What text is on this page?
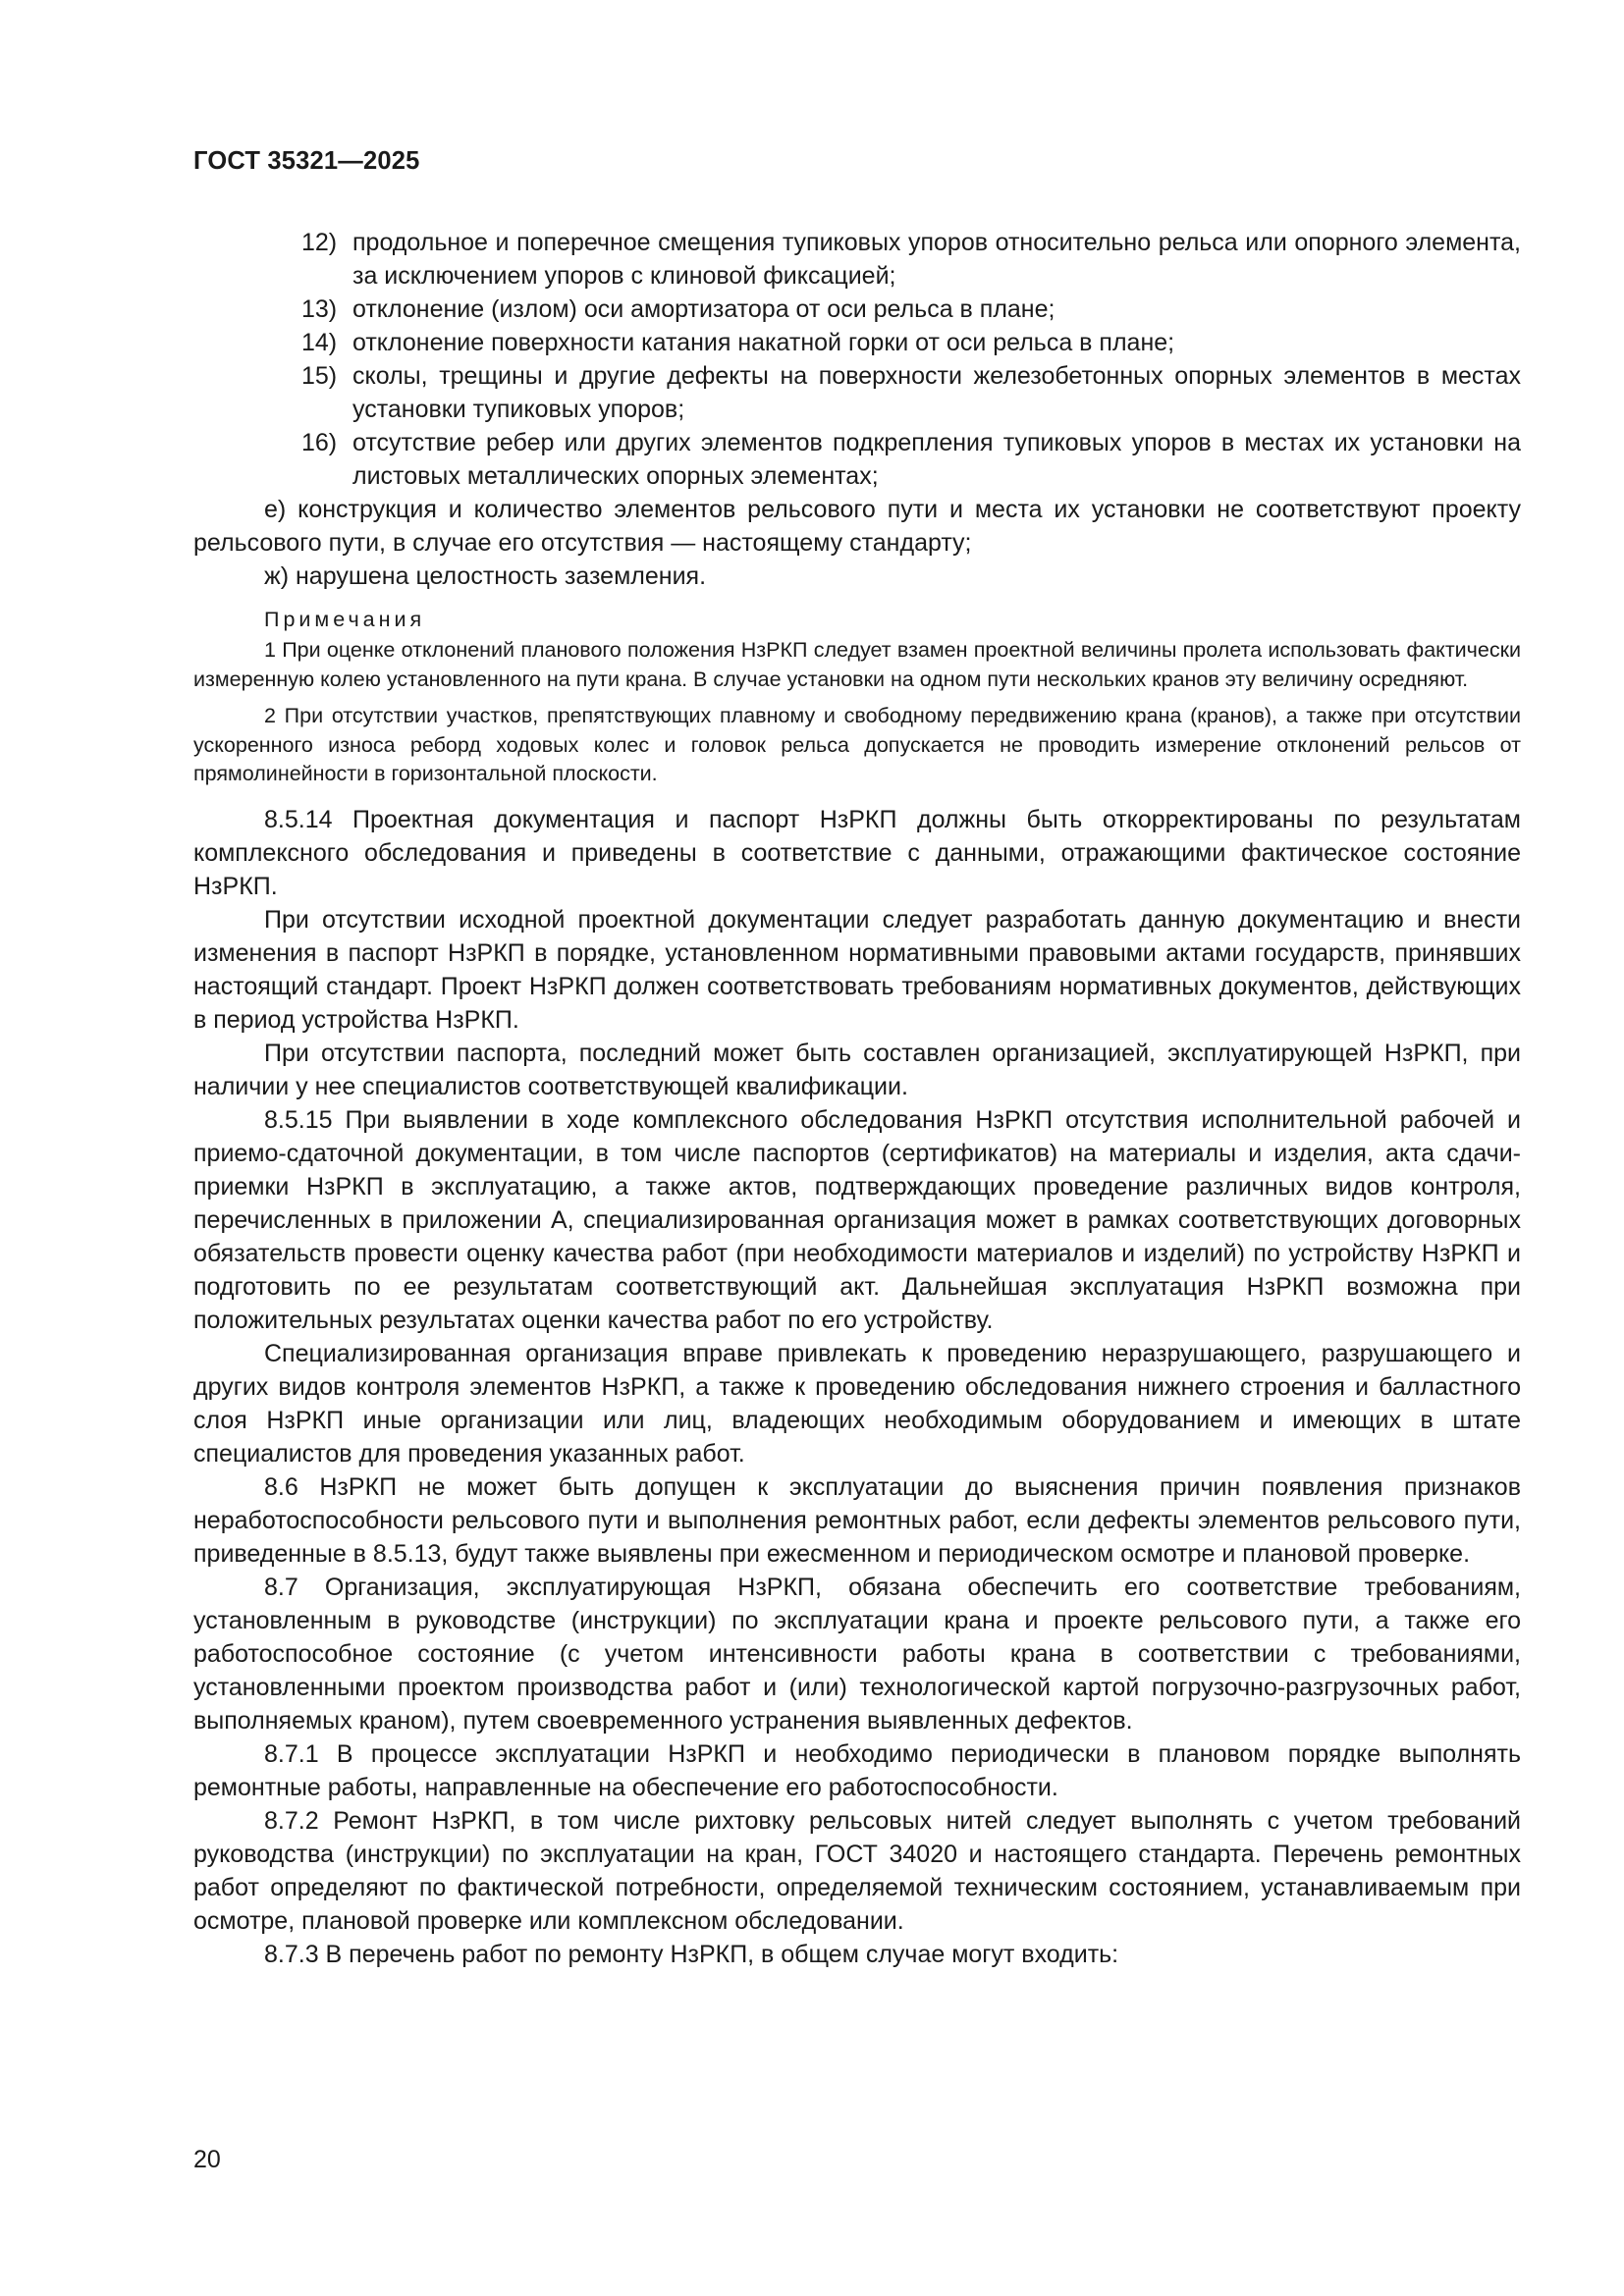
ГОСТ 35321—2025
12) продольное и поперечное смещения тупиковых упоров относительно рельса или опорного элемента, за исключением упоров с клиновой фиксацией;
13) отклонение (излом) оси амортизатора от оси рельса в плане;
14) отклонение поверхности катания накатной горки от оси рельса в плане;
15) сколы, трещины и другие дефекты на поверхности железобетонных опорных элементов в местах установки тупиковых упоров;
16) отсутствие ребер или других элементов подкрепления тупиковых упоров в местах их установки на листовых металлических опорных элементах;

е) конструкция и количество элементов рельсового пути и места их установки не соответствуют проекту рельсового пути, в случае его отсутствия — настоящему стандарту;

ж) нарушена целостность заземления.

Примечания

1 При оценке отклонений планового положения НзРКП следует взамен проектной величины пролета использовать фактически измеренную колею установленного на пути крана. В случае установки на одном пути нескольких кранов эту величину осредняют.

2 При отсутствии участков, препятствующих плавному и свободному передвижению крана (кранов), а также при отсутствии ускоренного износа реборд ходовых колес и головок рельса допускается не проводить измерение отклонений рельсов от прямолинейности в горизонтальной плоскости.

8.5.14 Проектная документация и паспорт НзРКП должны быть откорректированы по результатам комплексного обследования и приведены в соответствие с данными, отражающими фактическое состояние НзРКП.

При отсутствии исходной проектной документации следует разработать данную документацию и внести изменения в паспорт НзРКП в порядке, установленном нормативными правовыми актами государств, принявших настоящий стандарт. Проект НзРКП должен соответствовать требованиям нормативных документов, действующих в период устройства НзРКП.

При отсутствии паспорта, последний может быть составлен организацией, эксплуатирующей НзРКП, при наличии у нее специалистов соответствующей квалификации.

8.5.15 При выявлении в ходе комплексного обследования НзРКП отсутствия исполнительной рабочей и приемо-сдаточной документации, в том числе паспортов (сертификатов) на материалы и изделия, акта сдачи-приемки НзРКП в эксплуатацию, а также актов, подтверждающих проведение различных видов контроля, перечисленных в приложении А, специализированная организация может в рамках соответствующих договорных обязательств провести оценку качества работ (при необходимости материалов и изделий) по устройству НзРКП и подготовить по ее результатам соответствующий акт. Дальнейшая эксплуатация НзРКП возможна при положительных результатах оценки качества работ по его устройству.

Специализированная организация вправе привлекать к проведению неразрушающего, разрушающего и других видов контроля элементов НзРКП, а также к проведению обследования нижнего строения и балластного слоя НзРКП иные организации или лиц, владеющих необходимым оборудованием и имеющих в штате специалистов для проведения указанных работ.

8.6 НзРКП не может быть допущен к эксплуатации до выяснения причин появления признаков неработоспособности рельсового пути и выполнения ремонтных работ, если дефекты элементов рельсового пути, приведенные в 8.5.13, будут также выявлены при ежесменном и периодическом осмотре и плановой проверке.

8.7 Организация, эксплуатирующая НзРКП, обязана обеспечить его соответствие требованиям, установленным в руководстве (инструкции) по эксплуатации крана и проекте рельсового пути, а также его работоспособное состояние (с учетом интенсивности работы крана в соответствии с требованиями, установленными проектом производства работ и (или) технологической картой погрузочно-разгрузочных работ, выполняемых краном), путем своевременного устранения выявленных дефектов.

8.7.1 В процессе эксплуатации НзРКП и необходимо периодически в плановом порядке выполнять ремонтные работы, направленные на обеспечение его работоспособности.

8.7.2 Ремонт НзРКП, в том числе рихтовку рельсовых нитей следует выполнять с учетом требований руководства (инструкции) по эксплуатации на кран, ГОСТ 34020 и настоящего стандарта. Перечень ремонтных работ определяют по фактической потребности, определяемой техническим состоянием, устанавливаемым при осмотре, плановой проверке или комплексном обследовании.

8.7.3 В перечень работ по ремонту НзРКП, в общем случае могут входить:

20
